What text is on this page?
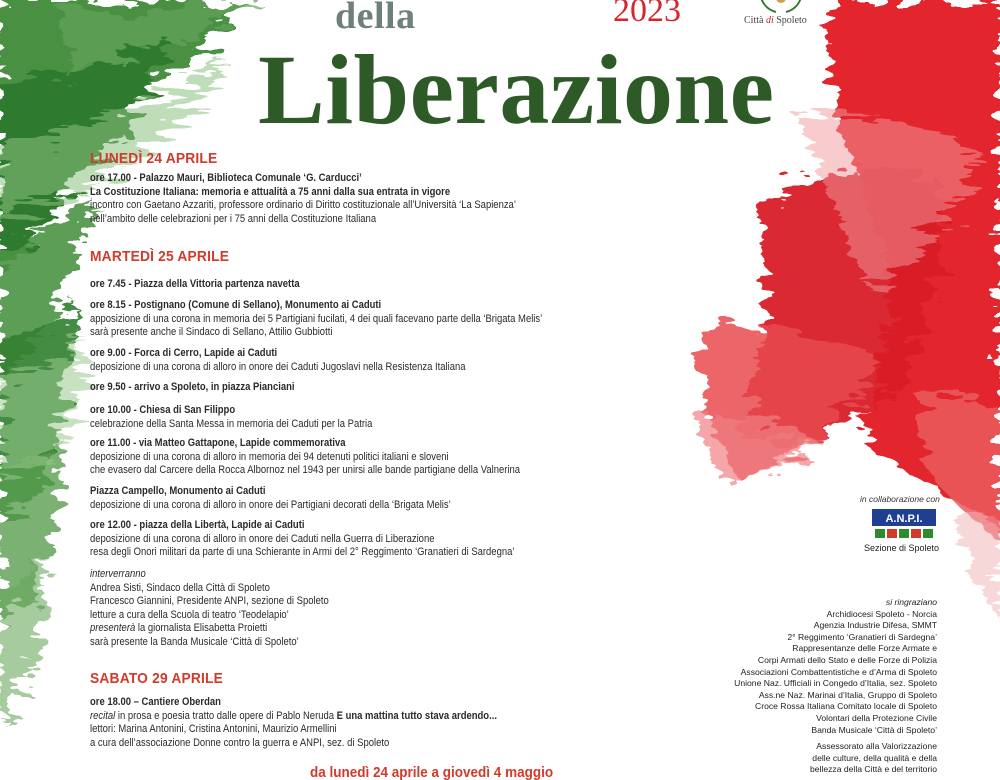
della	2023
Liberazione
Città di Spoleto
LUNEDÌ 24 APRILE
ore 17.00 - Palazzo Mauri, Biblioteca Comunale ‘G. Carducci’
La Costituzione Italiana: memoria e attualità a 75 anni dalla sua entrata in vigore
incontro con Gaetano Azzariti, professore ordinario di Diritto costituzionale all’Università ‘La Sapienza’
nell’ambito delle celebrazioni per i 75 anni della Costituzione Italiana
MARTEDÌ 25 APRILE
ore 7.45 - Piazza della Vittoria partenza navetta
ore 8.15 - Postignano (Comune di Sellano), Monumento ai Caduti
apposizione di una corona in memoria dei 5 Partigiani fucilati, 4 dei quali facevano parte della ‘Brigata Melis’
sarà presente anche il Sindaco di Sellano, Attilio Gubbiotti
ore 9.00 - Forca di Cerro, Lapide ai Caduti
deposizione di una corona di alloro in onore dei Caduti Jugoslavi nella Resistenza Italiana
ore 9.50 - arrivo a Spoleto, in piazza Pianciani
ore 10.00 - Chiesa di San Filippo
celebrazione della Santa Messa in memoria dei Caduti per la Patria
ore 11.00 - via Matteo Gattapone, Lapide commemorativa
deposizione di una corona di alloro in memoria dei 94 detenuti politici italiani e sloveni
che evasero dal Carcere della Rocca Albornoz nel 1943 per unirsi alle bande partigiane della Valnerina
Piazza Campello, Monumento ai Caduti
deposizione di una corona di alloro in onore dei Partigiani decorati della ‘Brigata Melis’
ore 12.00 - piazza della Libertà, Lapide ai Caduti
deposizione di una corona di alloro in onore dei Caduti nella Guerra di Liberazione
resa degli Onori militari da parte di una Schierante in Armi del 2° Reggimento ‘Granatieri di Sardegna’
interverranno
Andrea Sisti, Sindaco della Città di Spoleto
Francesco Giannini, Presidente ANPI, sezione di Spoleto
letture a cura della Scuola di teatro ‘Teodelapio’
presenterà la giornalista Elisabetta Proietti
sarà presente la Banda Musicale ‘Città di Spoleto’
SABATO 29 APRILE
ore 18.00 – Cantiere Oberdan
recital in prosa e poesia tratto dalle opere di Pablo Neruda E una mattina tutto stava ardendo...
lettori: Marina Antonini, Cristina Antonini, Maurizio Armellini
a cura dell’associazione Donne contro la guerra e ANPI, sez. di Spoleto
in collaborazione con
A.N.P.I.
Sezione di Spoleto
si ringraziano
Archidiocesi Spoleto - Norcia
Agenzia Industrie Difesa, SMMT
2° Reggimento ‘Granatieri di Sardegna’
Rappresentanze delle Forze Armate e
Corpi Armati dello Stato e delle Forze di Polizia
Associazioni Combattentistiche e d’Arma di Spoleto
Unione Naz. Ufficiali in Congedo d’Italia, sez. Spoleto
Ass.ne Naz. Marinai d’Italia, Gruppo di Spoleto
Croce Rossa Italiana Comitato locale di Spoleto
Volontari della Protezione Civile
Banda Musicale ‘Città di Spoleto’
Assessorato alla Valorizzazione
delle culture, della qualità e della
bellezza della Città e del territorio
da lunedì 24 aprile a giovedì 4 maggio
